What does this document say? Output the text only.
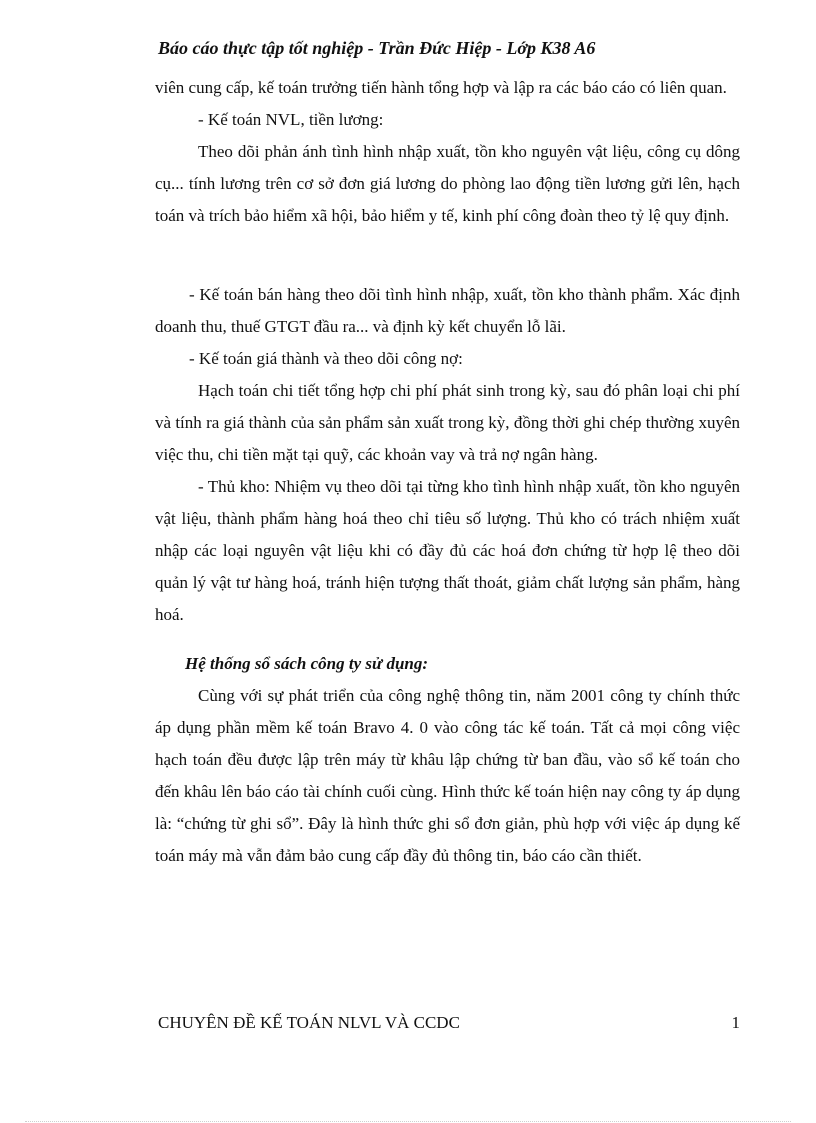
Báo cáo thực tập tốt nghiệp - Trần Đức Hiệp - Lớp K38 A6

viên cung cấp, kế toán trưởng tiến hành tổng hợp và lập ra các báo cáo có liên quan.

- Kế toán NVL, tiền lương:

Theo dõi phản ánh tình hình nhập xuất, tồn kho nguyên vật liệu, công cụ dông cụ... tính lương trên cơ sở đơn giá lương do phòng lao động tiền lương gửi lên, hạch toán và trích bảo hiểm xã hội, bảo hiểm y tế, kinh phí công đoàn theo tỷ lệ quy định.

- Kế toán bán hàng theo dõi tình hình nhập, xuất, tồn kho thành phẩm. Xác định doanh thu, thuế GTGT đầu ra... và định kỳ kết chuyển lỗ lãi.

- Kế toán giá thành và theo dõi công nợ:

Hạch toán chi tiết tổng hợp chi phí phát sinh trong kỳ, sau đó phân loại chi phí và tính ra giá thành của sản phẩm sản xuất trong kỳ, đồng thời ghi chép thường xuyên việc thu, chi tiền mặt tại quỹ, các khoản vay và trả nợ ngân hàng.

- Thủ kho: Nhiệm vụ theo dõi tại từng kho tình hình nhập xuất, tồn kho nguyên vật liệu, thành phẩm hàng hoá theo chỉ tiêu số lượng. Thủ kho có trách nhiệm xuất nhập các loại nguyên vật liệu khi có đầy đủ các hoá đơn chứng từ hợp lệ theo dõi quản lý vật tư hàng hoá, tránh hiện tượng thất thoát, giảm chất lượng sản phẩm, hàng hoá.

Hệ thống sổ sách công ty sử dụng:

Cùng với sự phát triển của công nghệ thông tin, năm 2001 công ty chính thức áp dụng phần mềm kế toán Bravo 4. 0 vào công tác kế toán. Tất cả mọi công việc hạch toán đều được lập trên máy từ khâu lập chứng từ ban đầu, vào sổ kế toán cho đến khâu lên báo cáo tài chính cuối cùng. Hình thức kế toán hiện nay công ty áp dụng là: “chứng từ ghi sổ”. Đây là hình thức ghi sổ đơn giản, phù hợp với việc áp dụng kế toán máy mà vẫn đảm bảo cung cấp đầy đủ thông tin, báo cáo cần thiết.

CHUYÊN ĐỀ KẾ TOÁN NLVL VÀ CCDC	1
